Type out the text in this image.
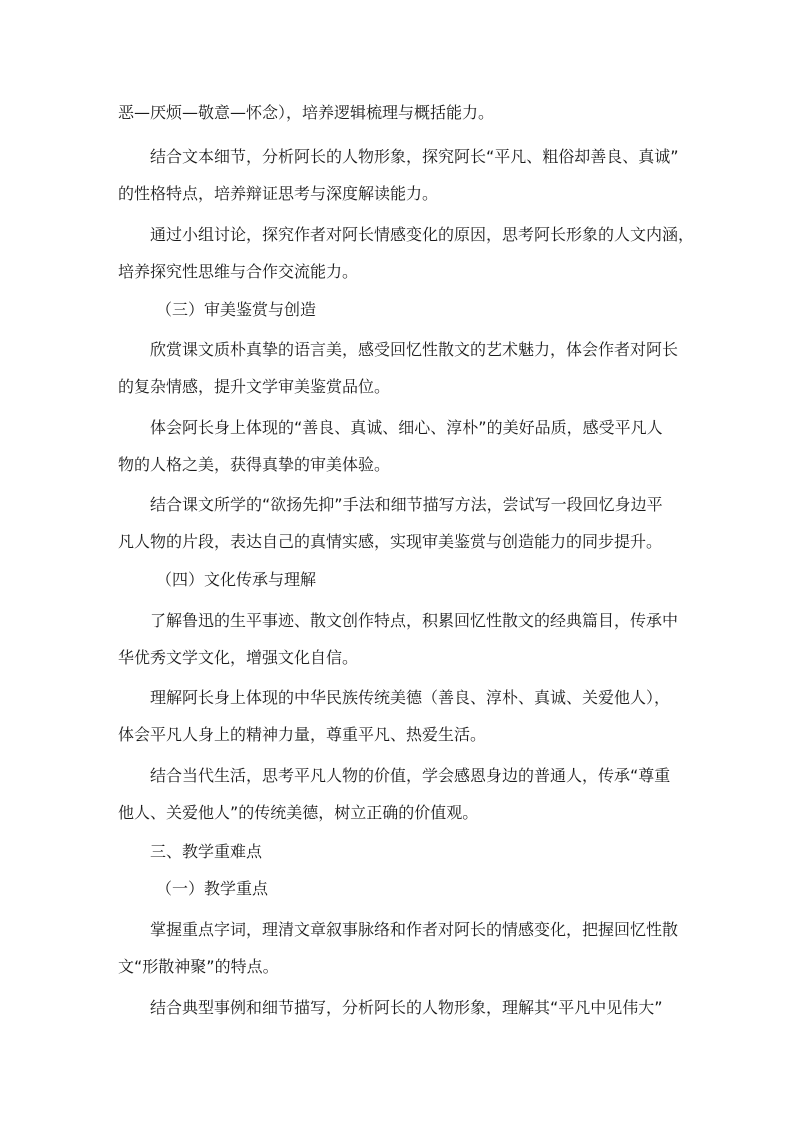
恶—厌烦—敬意—怀念），培养逻辑梳理与概括能力。
结合文本细节，分析阿长的人物形象，探究阿长“平凡、粗俗却善良、真诚”
的性格特点，培养辩证思考与深度解读能力。
通过小组讨论，探究作者对阿长情感变化的原因，思考阿长形象的人文内涵，
培养探究性思维与合作交流能力。
（三）审美鉴赏与创造
欣赏课文质朴真挚的语言美，感受回忆性散文的艺术魅力，体会作者对阿长
的复杂情感，提升文学审美鉴赏品位。
体会阿长身上体现的“善良、真诚、细心、淳朴”的美好品质，感受平凡人
物的人格之美，获得真挚的审美体验。
结合课文所学的“欲扬先抑”手法和细节描写方法，尝试写一段回忆身边平
凡人物的片段，表达自己的真情实感，实现审美鉴赏与创造能力的同步提升。
（四）文化传承与理解
了解鲁迅的生平事迹、散文创作特点，积累回忆性散文的经典篇目，传承中
华优秀文学文化，增强文化自信。
理解阿长身上体现的中华民族传统美德（善良、淳朴、真诚、关爱他人），
体会平凡人身上的精神力量，尊重平凡、热爱生活。
结合当代生活，思考平凡人物的价值，学会感恩身边的普通人，传承“尊重
他人、关爱他人”的传统美德，树立正确的价值观。
三、教学重难点
（一）教学重点
掌握重点字词，理清文章叙事脉络和作者对阿长的情感变化，把握回忆性散
文“形散神聚”的特点。
结合典型事例和细节描写，分析阿长的人物形象，理解其“平凡中见伟大”
